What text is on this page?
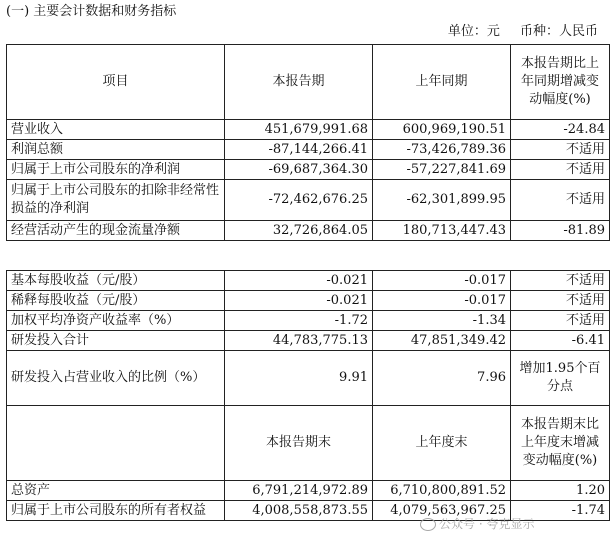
(一) 主要会计数据和财务指标
单位：元 币种：人民币
项目	本报告期	上年同期	本报告期比上年同期增减变动幅度(%)
营业收入	451,679,991.68	600,969,190.51	-24.84
利润总额	-87,144,266.41	-73,426,789.36	不适用
归属于上市公司股东的净利润	-69,687,364.30	-57,227,841.69	不适用
归属于上市公司股东的扣除非经常性损益的净利润	-72,462,676.25	-62,301,899.95	不适用
经营活动产生的现金流量净额	32,726,864.05	180,713,447.43	-81.89
基本每股收益（元/股）	-0.021	-0.017	不适用
稀释每股收益（元/股）	-0.021	-0.017	不适用
加权平均净资产收益率（%）	-1.72	-1.34	不适用
研发投入合计	44,783,775.13	47,851,349.42	-6.41
研发投入占营业收入的比例（%）	9.91	7.96	增加1.95个百分点
	本报告期末	上年度末	本报告期末比上年度末增减变动幅度(%)
总资产	6,791,214,972.89	6,710,800,891.52	1.20
归属于上市公司股东的所有者权益	4,008,558,873.55	4,079,563,967.25	-1.74
公众号 · 夸克显示
